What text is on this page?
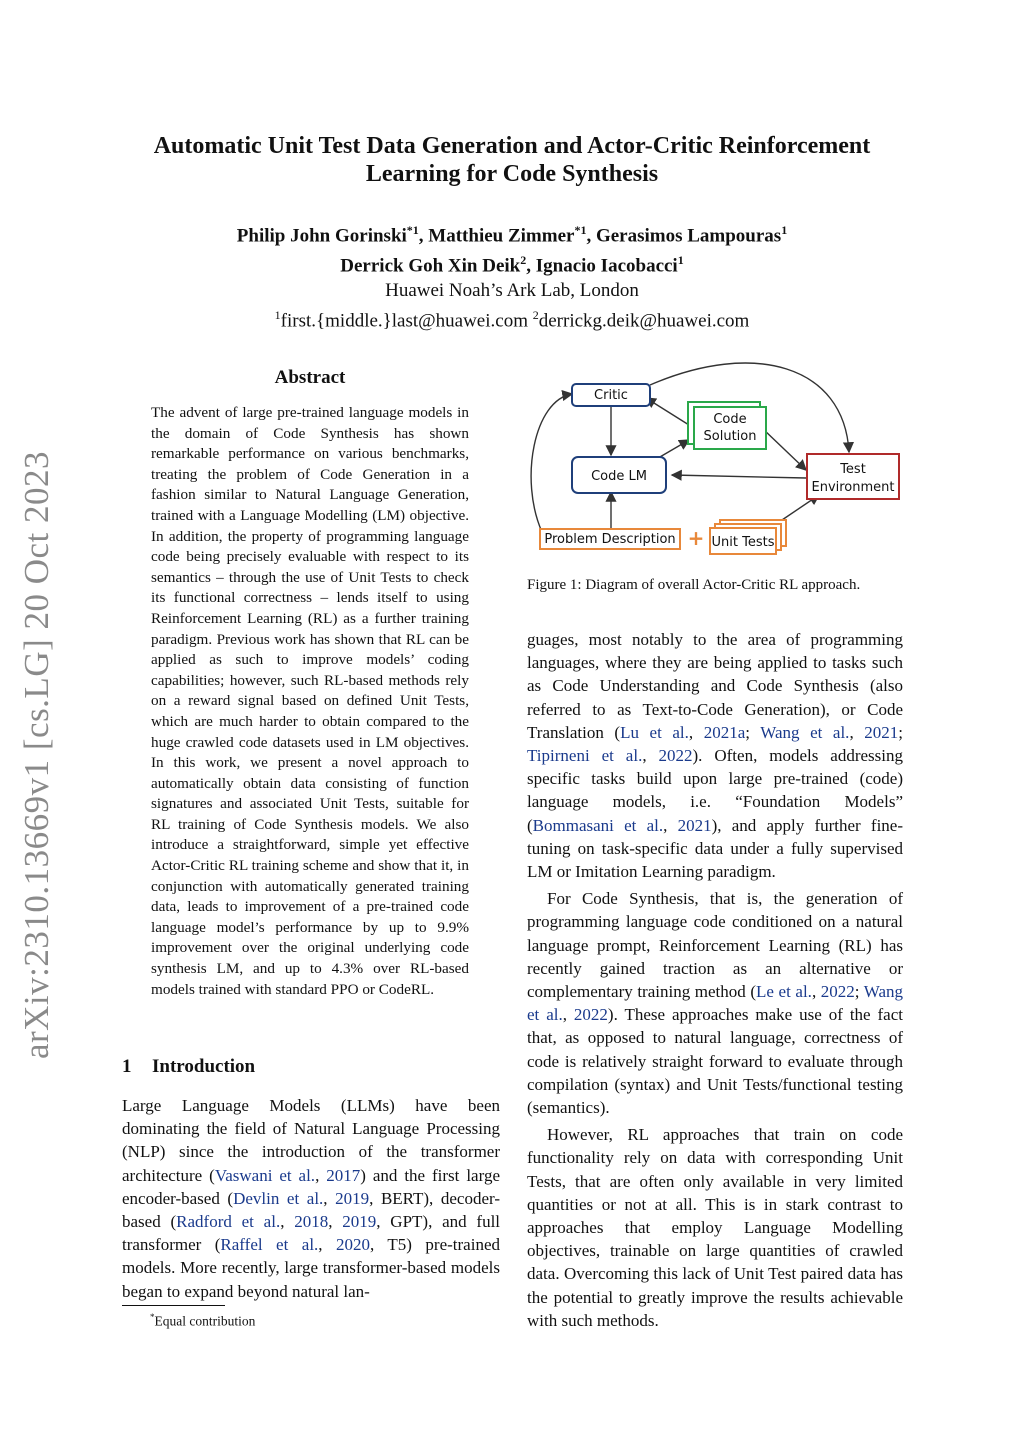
arXiv:2310.13669v1 [cs.LG] 20 Oct 2023
Automatic Unit Test Data Generation and Actor-Critic Reinforcement Learning for Code Synthesis
Philip John Gorinski$^{*1}$, Matthieu Zimmer$^{*1}$, Gerasimos Lampouras$^1$
Derrick Goh Xin Deik$^2$, Ignacio Iacobacci$^1$
Huawei Noah’s Ark Lab, London
$^1$first.{middle.}last@huawei.com $^2$derrickg.deik@huawei.com
Abstract
The advent of large pre-trained language models in the domain of Code Synthesis has shown remarkable performance on various benchmarks, treating the problem of Code Generation in a fashion similar to Natural Language Generation, trained with a Language Modelling (LM) objective. In addition, the property of programming language code being precisely evaluable with respect to its semantics – through the use of Unit Tests to check its functional correctness – lends itself to using Reinforcement Learning (RL) as a further training paradigm. Previous work has shown that RL can be applied as such to improve models’ coding capabilities; however, such RL-based methods rely on a reward signal based on defined Unit Tests, which are much harder to obtain compared to the huge crawled code datasets used in LM objectives. In this work, we present a novel approach to automatically obtain data consisting of function signatures and associated Unit Tests, suitable for RL training of Code Synthesis models. We also introduce a straightforward, simple yet effective Actor-Critic RL training scheme and show that it, in conjunction with automatically generated training data, leads to improvement of a pre-trained code language model’s performance by up to 9.9% improvement over the original underlying code synthesis LM, and up to 4.3% over RL-based models trained with standard PPO or CodeRL.
1 Introduction
Large Language Models (LLMs) have been dominating the field of Natural Language Processing (NLP) since the introduction of the transformer architecture (Vaswani et al., 2017) and the first large encoder-based (Devlin et al., 2019, BERT), decoder-based (Radford et al., 2018, 2019, GPT), and full transformer (Raffel et al., 2020, T5) pre-trained models. More recently, large transformer-based models began to expand beyond natural lan-
*Equal contribution
Critic
Code
Solution
Code LM	Test
Environment
Problem Description + Unit Tests
Figure 1: Diagram of overall Actor-Critic RL approach.

guages, most notably to the area of programming languages, where they are being applied to tasks such as Code Understanding and Code Synthesis (also referred to as Text-to-Code Generation), or Code Translation (Lu et al., 2021a; Wang et al., 2021; Tipirneni et al., 2022). Often, models addressing specific tasks build upon large pre-trained (code) language models, i.e. “Foundation Models” (Bommasani et al., 2021), and apply further fine-tuning on task-specific data under a fully supervised LM or Imitation Learning paradigm.

For Code Synthesis, that is, the generation of programming language code conditioned on a natural language prompt, Reinforcement Learning (RL) has recently gained traction as an alternative or complementary training method (Le et al., 2022; Wang et al., 2022). These approaches make use of the fact that, as opposed to natural language, correctness of code is relatively straight forward to evaluate through compilation (syntax) and Unit Tests/functional testing (semantics).

However, RL approaches that train on code functionality rely on data with corresponding Unit Tests, that are often only available in very limited quantities or not at all. This is in stark contrast to approaches that employ Language Modelling objectives, trainable on large quantities of crawled data. Overcoming this lack of Unit Test paired data has the potential to greatly improve the results achievable with such methods.
